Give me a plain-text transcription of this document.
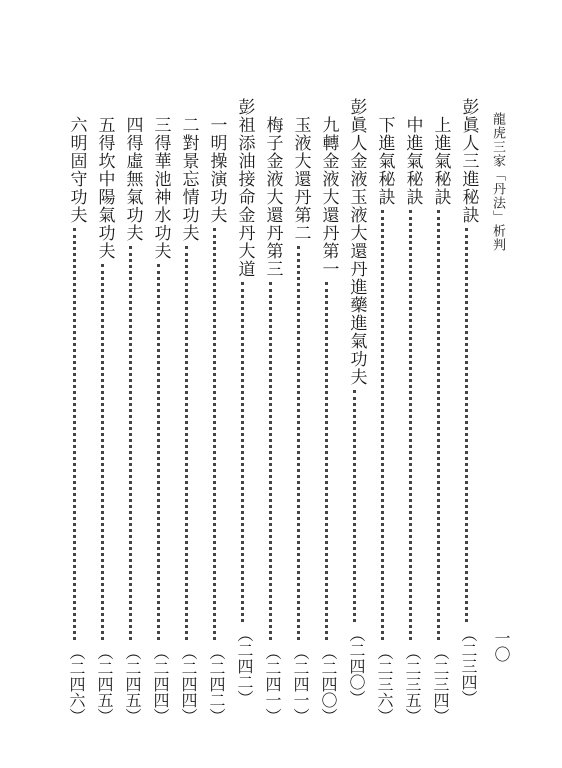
龍虎三家「丹法」析判
一〇
彭眞人三進秘訣
（二三四）
上進氣秘訣
（二三四）
中進氣秘訣
（二三五）
下進氣秘訣
（二三六）
彭眞人金液玉液大還丹進藥進氣功夫
（二四〇）
九轉金液大還丹第一
（二四〇）
玉液大還丹第二
（二四一）
梅子金液大還丹第三
（二四一）
彭祖添油接命金丹大道
（二四二）
一明操演功夫
（二四二）
二對景忘情功夫
（二四四）
三得華池神水功夫
（二四四）
四得虛無氣功夫
（二四五）
五得坎中陽氣功夫
（二四五）
六明固守功夫
（二四六）
